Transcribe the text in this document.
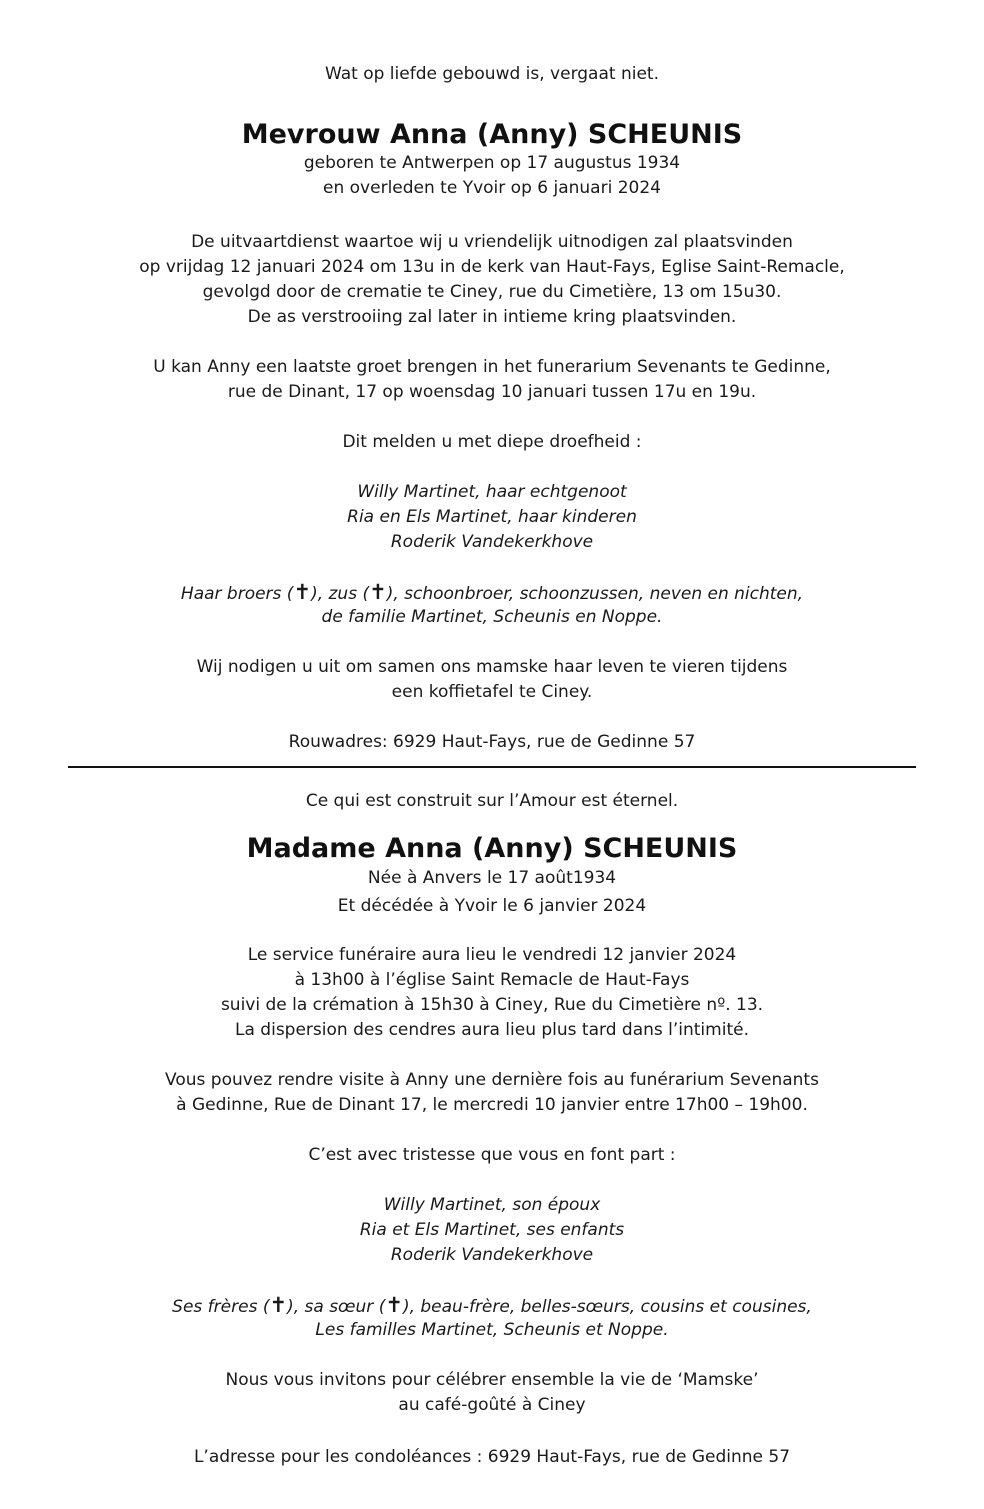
Wat op liefde gebouwd is, vergaat niet.
Mevrouw Anna (Anny) SCHEUNIS
geboren te Antwerpen op 17 augustus 1934
en overleden te Yvoir op 6 januari 2024
De uitvaartdienst waartoe wij u vriendelijk uitnodigen zal plaatsvinden
op vrijdag 12 januari 2024 om 13u in de kerk van Haut-Fays, Eglise Saint-Remacle,
gevolgd door de crematie te Ciney, rue du Cimetière, 13 om 15u30.
De as verstrooiing zal later in intieme kring plaatsvinden.
U kan Anny een laatste groet brengen in het funerarium Sevenants te Gedinne,
rue de Dinant, 17 op woensdag 10 januari tussen 17u en 19u.
Dit melden u met diepe droefheid :
Willy Martinet, haar echtgenoot
Ria en Els Martinet, haar kinderen
Roderik Vandekerkhove
Haar broers (✝), zus (✝), schoonbroer, schoonzussen, neven en nichten,
de familie Martinet, Scheunis en Noppe.
Wij nodigen u uit om samen ons mamske haar leven te vieren tijdens
een koffietafel te Ciney.
Rouwadres: 6929 Haut-Fays, rue de Gedinne 57
Ce qui est construit sur l’Amour est éternel.
Madame Anna (Anny) SCHEUNIS
Née à Anvers le 17 août1934
Et décédée à Yvoir le 6 janvier 2024
Le service funéraire aura lieu le vendredi 12 janvier 2024
à 13h00 à l’église Saint Remacle de Haut-Fays
suivi de la crémation à 15h30 à Ciney, Rue du Cimetière nº. 13.
La dispersion des cendres aura lieu plus tard dans l’intimité.
Vous pouvez rendre visite à Anny une dernière fois au funérarium Sevenants
à Gedinne, Rue de Dinant 17, le mercredi 10 janvier entre 17h00 – 19h00.
C’est avec tristesse que vous en font part :
Willy Martinet, son époux
Ria et Els Martinet, ses enfants
Roderik Vandekerkhove
Ses frères (✝), sa sœur (✝), beau-frère, belles-sœurs, cousins et cousines,
Les familles Martinet, Scheunis et Noppe.
Nous vous invitons pour célébrer ensemble la vie de ‘Mamske’
au café-goûté à Ciney
L’adresse pour les condoléances : 6929 Haut-Fays, rue de Gedinne 57
